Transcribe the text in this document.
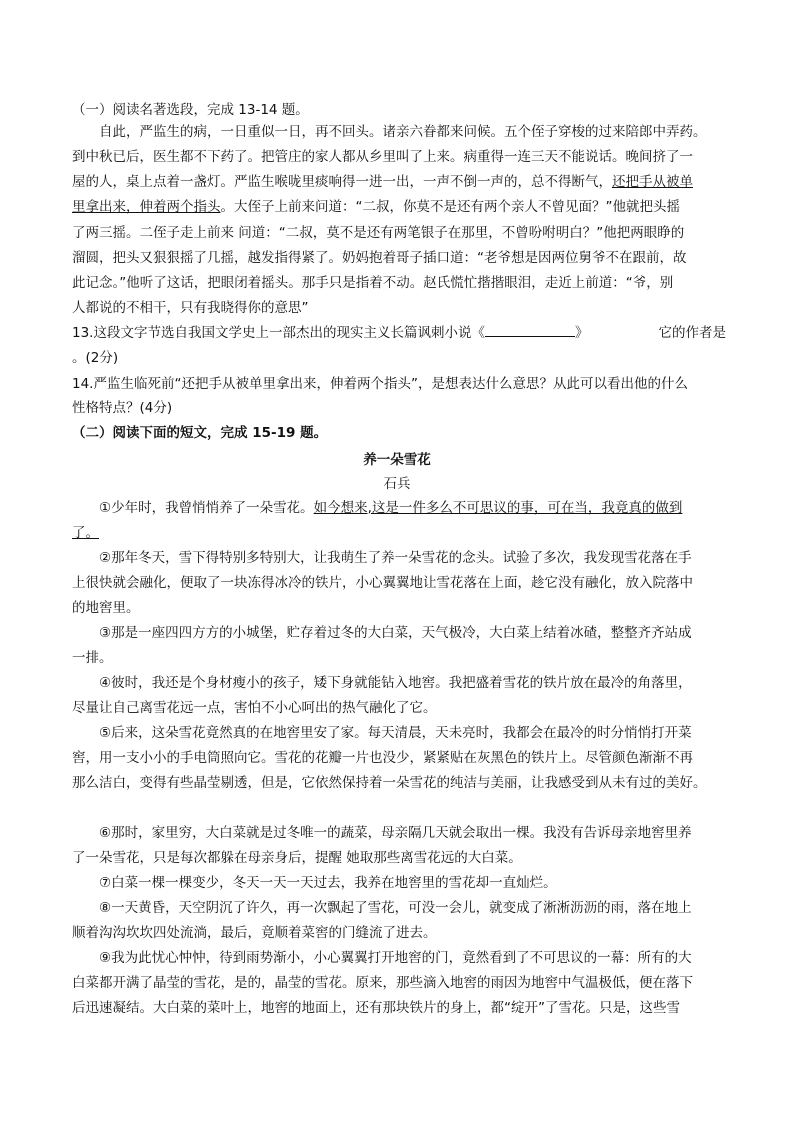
（一）阅读名著选段，完成 13-14 题。
自此，严监生的病，一日重似一日，再不回头。诸亲六眷都来问候。五个侄子穿梭的过来陪郎中弄药。
到中秋已后，医生都不下药了。把管庄的家人都从乡里叫了上来。病重得一连三天不能说话。晚间挤了一
屋的人，桌上点着一盏灯。严监生喉咙里痰响得一进一出，一声不倒一声的，总不得断气，还把手从被单
里拿出来，伸着两个指头。大侄子上前来问道：“二叔，你莫不是还有两个亲人不曾见面？”他就把头摇
了两三摇。二侄子走上前来 问道：“二叔，莫不是还有两笔银子在那里，不曾吩咐明白？”他把两眼睁的
溜圆，把头又狠狠摇了几摇，越发指得紧了。奶妈抱着哥子插口道：“老爷想是因两位舅爷不在跟前，故
此记念。”他听了这话，把眼闭着摇头。那手只是指着不动。赵氏慌忙揩揩眼泪，走近上前道：“爷，别
人都说的不相干，只有我晓得你的意思”
13.这段文字节选自我国文学史上一部杰出的现实主义长篇讽刺小说《	》	它的作者是
。(2分)
14.严监生临死前“还把手从被单里拿出来，伸着两个指头”，是想表达什么意思？从此可以看出他的什么
性格特点？(4分)
（二）阅读下面的短文，完成 15-19 题。
养一朵雪花
石兵
①少年时，我曾悄悄养了一朵雪花。如今想来,这是一件多么不可思议的事，可在当，我竟真的做到
了。
②那年冬天，雪下得特别多特别大，让我萌生了养一朵雪花的念头。试验了多次，我发现雪花落在手
上很快就会融化，便取了一块冻得冰冷的铁片，小心翼翼地让雪花落在上面，趁它没有融化，放入院落中
的地窖里。
③那是一座四四方方的小城堡，贮存着过冬的大白菜，天气极冷，大白菜上结着冰碴，整整齐齐站成
一排。
④彼时，我还是个身材瘦小的孩子，矮下身就能钻入地窖。我把盛着雪花的铁片放在最冷的角落里，
尽量让自己离雪花远一点，害怕不小心呵出的热气融化了它。
⑤后来，这朵雪花竟然真的在地窖里安了家。每天清晨，天未亮时，我都会在最冷的时分悄悄打开菜
窖，用一支小小的手电筒照向它。雪花的花瓣一片也没少，紧紧贴在灰黑色的铁片上。尽管颜色渐渐不再
那么洁白，变得有些晶莹剔透，但是，它依然保持着一朵雪花的纯洁与美丽，让我感受到从未有过的美好。
⑥那时，家里穷，大白菜就是过冬唯一的蔬菜，母亲隔几天就会取出一棵。我没有告诉母亲地窖里养
了一朵雪花，只是每次都躲在母亲身后，提醒 她取那些离雪花远的大白菜。
⑦白菜一棵一棵变少，冬天一天一天过去，我养在地窖里的雪花却一直灿烂。
⑧一天黄昏，天空阴沉了许久，再一次飘起了雪花，可没一会儿，就变成了淅淅沥沥的雨，落在地上
顺着沟沟坎坎四处流淌，最后，竟顺着菜窖的门缝流了进去。
⑨我为此忧心忡忡，待到雨势渐小，小心翼翼打开地窖的门，竟然看到了不可思议的一幕：所有的大
白菜都开满了晶莹的雪花，是的，晶莹的雪花。原来，那些滴入地窖的雨因为地窖中气温极低，便在落下
后迅速凝结。大白菜的菜叶上，地窖的地面上，还有那块铁片的身上，都“绽开”了雪花。只是，这些雪
